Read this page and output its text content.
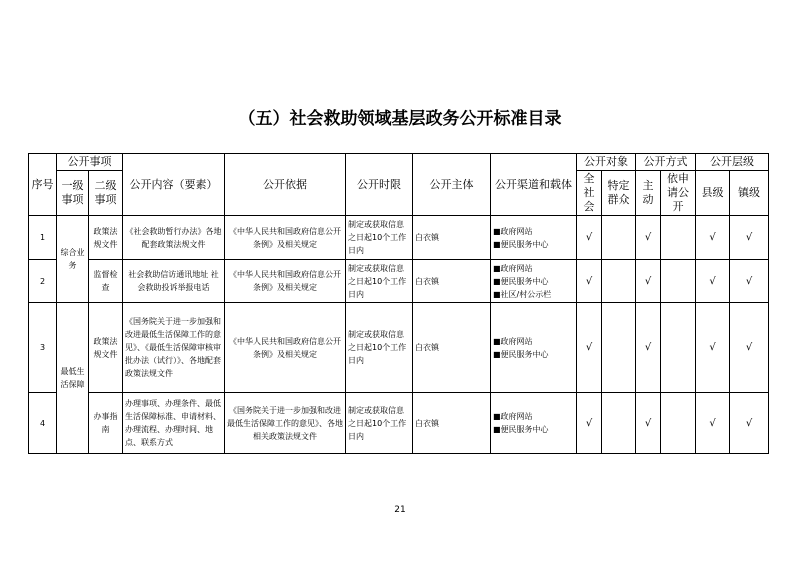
（五）社会救助领域基层政务公开标准目录
序号	公开事项		公开内容（要素）	公开依据	公开时限	公开主体	公开渠道和载体	公开对象		公开方式		公开层级	
	一级事项	二级事项						全社会	特定群众	主动	依申请公开	县级	镇级
1	综合业务	政策法规文件	《社会救助暂行办法》各地配套政策法规文件	《中华人民共和国政府信息公开条例》及相关规定	制定或获取信息之日起10个工作日内	白衣镇	■政府网站
■便民服务中心	√		√		√	√
2		监督检查	社会救助信访通讯地址 社会救助投诉举报电话	《中华人民共和国政府信息公开条例》及相关规定	制定或获取信息之日起10个工作日内	白衣镇	■政府网站
■便民服务中心
■社区/村公示栏	√		√		√	√
3	最低生活保障	政策法规文件	《国务院关于进一步加强和改进最低生活保障工作的意见》、《最低生活保障审核审批办法（试行）》、各地配套政策法规文件	《中华人民共和国政府信息公开条例》及相关规定	制定或获取信息之日起10个工作日内	白衣镇	■政府网站
■便民服务中心	√		√		√	√
4		办事指南	办理事项、办理条件、最低生活保障标准、申请材料、办理流程、办理时间、地点、联系方式	《国务院关于进一步加强和改进最低生活保障工作的意见》、各地相关政策法规文件	制定或获取信息之日起10个工作日内	白衣镇	■政府网站
■便民服务中心	√		√		√	√
21
